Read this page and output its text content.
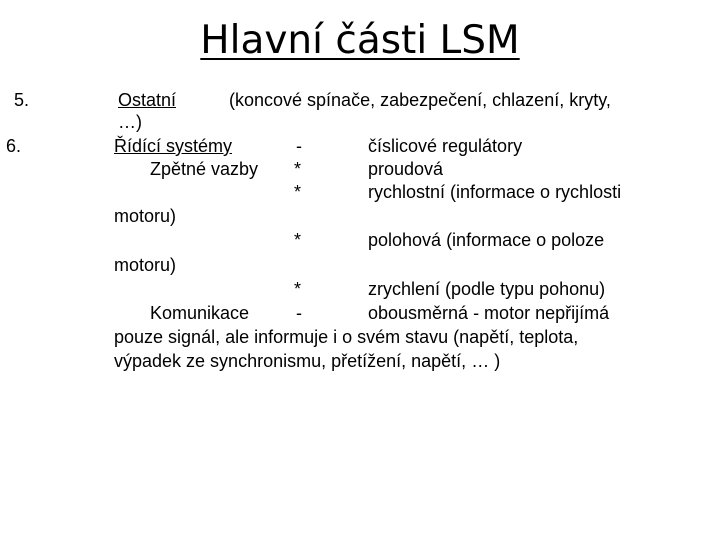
Hlavní části LSM
5.	Ostatní	(koncové spínače, zabezpečení, chlazení, kryty,
…)
6.	Řídící systémy	-	číslicové regulátory
Zpětné vazby *	proudová
*	rychlostní (informace o rychlosti
motoru)
*	polohová (informace o poloze
motoru)
*	zrychlení (podle typu pohonu)
Komunikace	-	obousměrná - motor nepřijímá
pouze signál, ale informuje i o svém stavu (napětí, teplota,
výpadek ze synchronismu, přetížení, napětí, … )
